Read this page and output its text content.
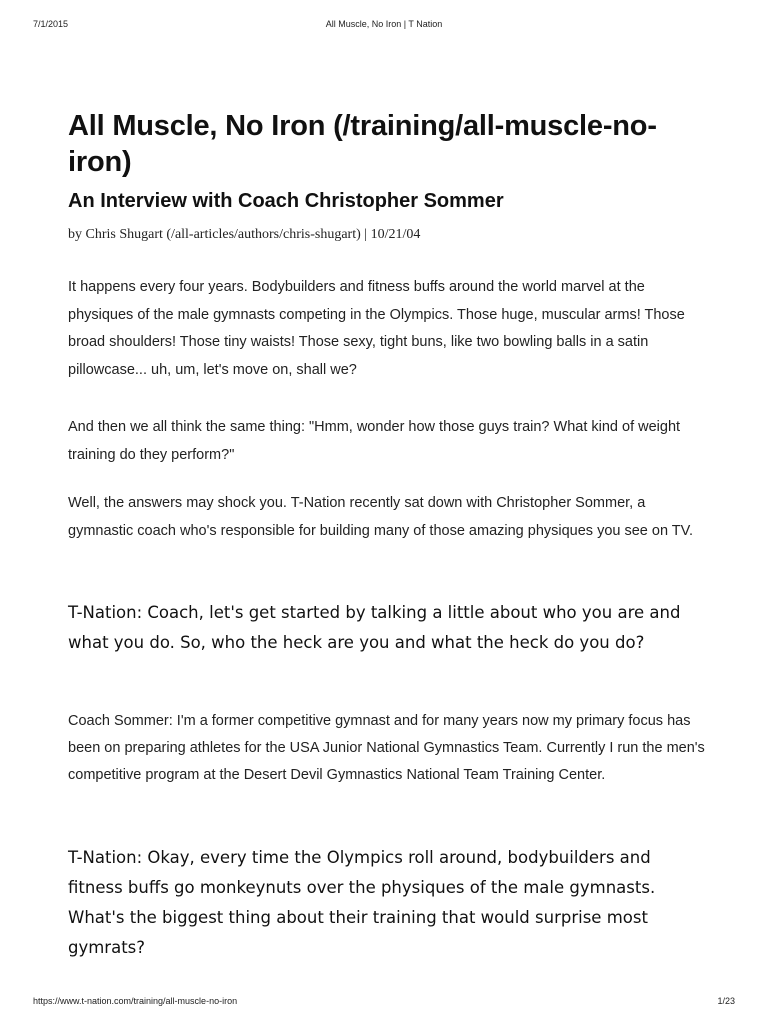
7/1/2015	All Muscle, No Iron | T Nation
All Muscle, No Iron (/training/all-muscle-no-iron)
An Interview with Coach Christopher Sommer

by Chris Shugart (/all-articles/authors/chris-shugart) | 10/21/04

It happens every four years. Bodybuilders and fitness buffs around the world marvel at the physiques of the male gymnasts competing in the Olympics. Those huge, muscular arms! Those broad shoulders! Those tiny waists! Those sexy, tight buns, like two bowling balls in a satin pillowcase... uh, um, let's move on, shall we?

And then we all think the same thing: "Hmm, wonder how those guys train? What kind of weight training do they perform?"

Well, the answers may shock you. T-Nation recently sat down with Christopher Sommer, a gymnastic coach who's responsible for building many of those amazing physiques you see on TV.

T-Nation: Coach, let's get started by talking a little about who you are and what you do. So, who the heck are you and what the heck do you do?

Coach Sommer: I'm a former competitive gymnast and for many years now my primary focus has been on preparing athletes for the USA Junior National Gymnastics Team. Currently I run the men's competitive program at the Desert Devil Gymnastics National Team Training Center.

T-Nation: Okay, every time the Olympics roll around, bodybuilders and fitness buffs go monkeynuts over the physiques of the male gymnasts. What's the biggest thing about their training that would surprise most gymrats?

https://www.t-nation.com/training/all-muscle-no-iron	1/23
